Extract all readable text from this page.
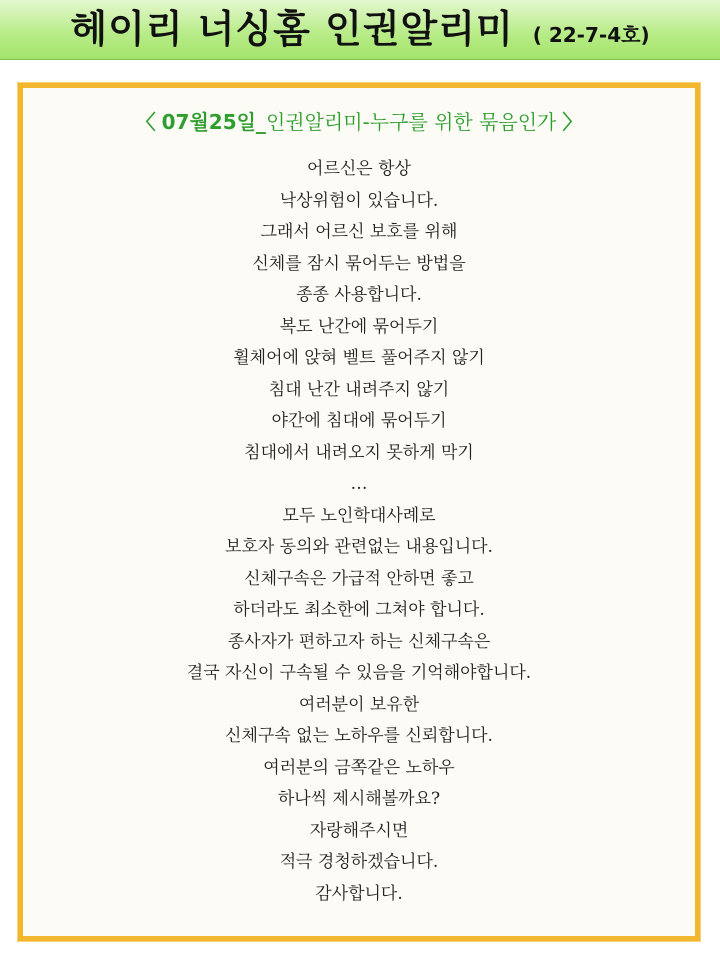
헤이리 너싱홈 인권알리미 ( 22-7-4호)
〈 07월25일_인권알리미-누구를 위한 묶음인가 〉
어르신은 항상
낙상위험이 있습니다.
그래서 어르신 보호를 위해
신체를 잠시 묶어두는 방법을
종종 사용합니다.
복도 난간에 묶어두기
휠체어에 앉혀 벨트 풀어주지 않기
침대 난간 내려주지 않기
야간에 침대에 묶어두기
침대에서 내려오지 못하게 막기
…
모두 노인학대사례로
보호자 동의와 관련없는 내용입니다.
신체구속은 가급적 안하면 좋고
하더라도 최소한에 그쳐야 합니다.
종사자가 편하고자 하는 신체구속은
결국 자신이 구속될 수 있음을 기억해야합니다.
여러분이 보유한
신체구속 없는 노하우를 신뢰합니다.
여러분의 금쪽같은 노하우
하나씩 제시해볼까요?
자랑해주시면
적극 경청하겠습니다.
감사합니다.
